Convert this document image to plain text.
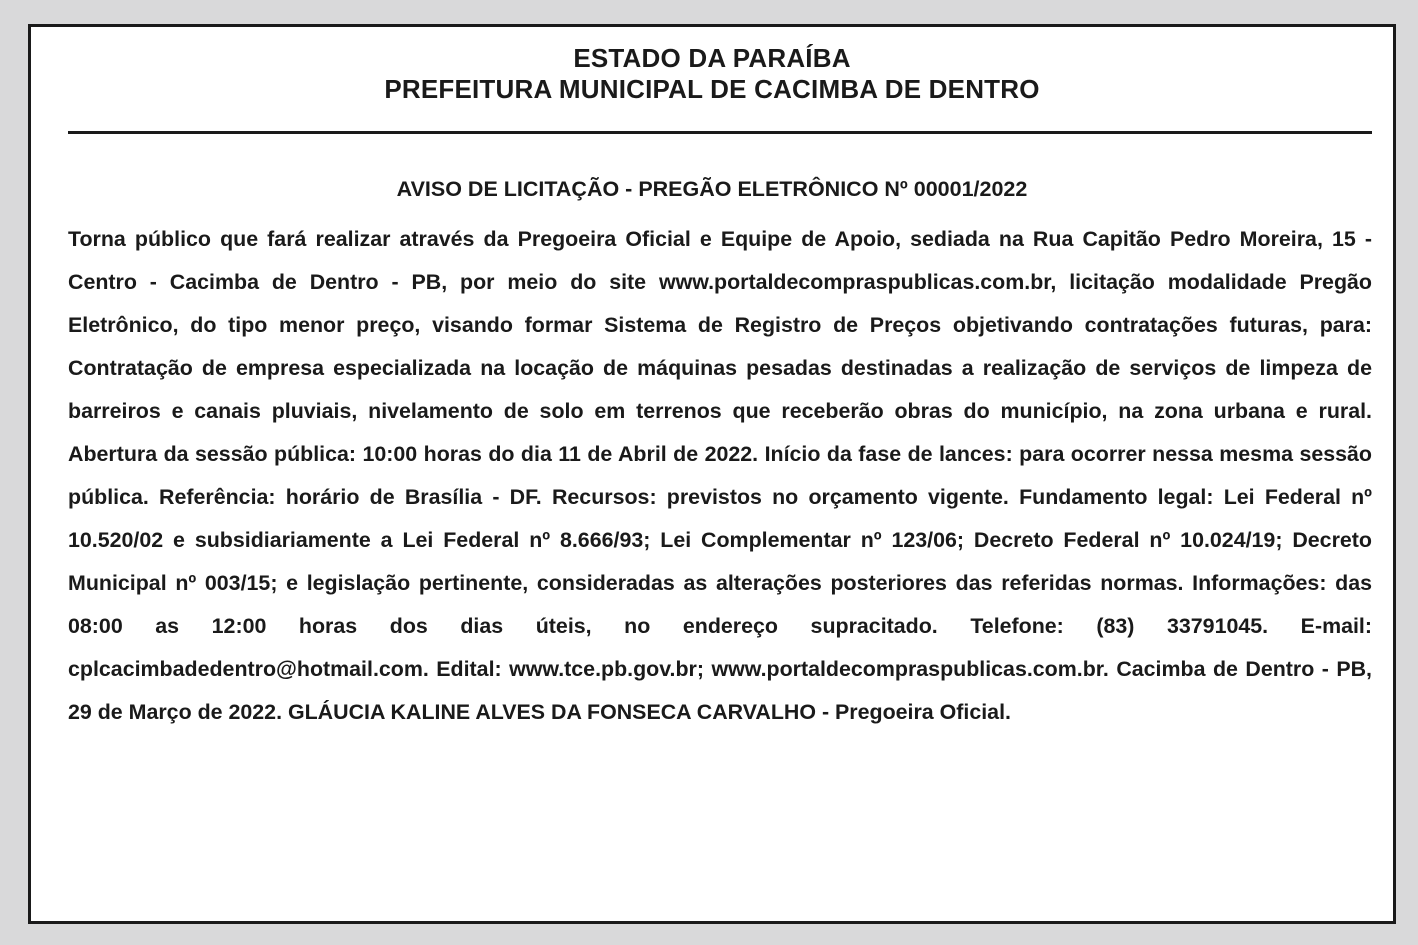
ESTADO DA PARAÍBA
PREFEITURA MUNICIPAL DE CACIMBA DE DENTRO
AVISO DE LICITAÇÃO - PREGÃO ELETRÔNICO Nº 00001/2022

Torna público que fará realizar através da Pregoeira Oficial e Equipe de Apoio, sediada na Rua Capitão Pedro Moreira, 15 - Centro - Cacimba de Dentro - PB, por meio do site www.portaldecompraspublicas.com.br, licitação modalidade Pregão Eletrônico, do tipo menor preço, visando formar Sistema de Registro de Preços objetivando contratações futuras, para: Contratação de empresa especializada na locação de máquinas pesadas destinadas a realização de serviços de limpeza de barreiros e canais pluviais, nivelamento de solo em terrenos que receberão obras do município, na zona urbana e rural. Abertura da sessão pública: 10:00 horas do dia 11 de Abril de 2022. Início da fase de lances: para ocorrer nessa mesma sessão pública. Referência: horário de Brasília - DF. Recursos: previstos no orçamento vigente. Fundamento legal: Lei Federal nº 10.520/02 e subsidiariamente a Lei Federal nº 8.666/93; Lei Complementar nº 123/06; Decreto Federal nº 10.024/19; Decreto Municipal nº 003/15; e legislação pertinente, consideradas as alterações posteriores das referidas normas. Informações: das 08:00 as 12:00 horas dos dias úteis, no endereço supracitado. Telefone: (83) 33791045. E-mail: cplcacimbadedentro@hotmail.com. Edital: www.tce.pb.gov.br; www.portaldecompraspublicas.com.br. Cacimba de Dentro - PB, 29 de Março de 2022. GLÁUCIA KALINE ALVES DA FONSECA CARVALHO - Pregoeira Oficial.
